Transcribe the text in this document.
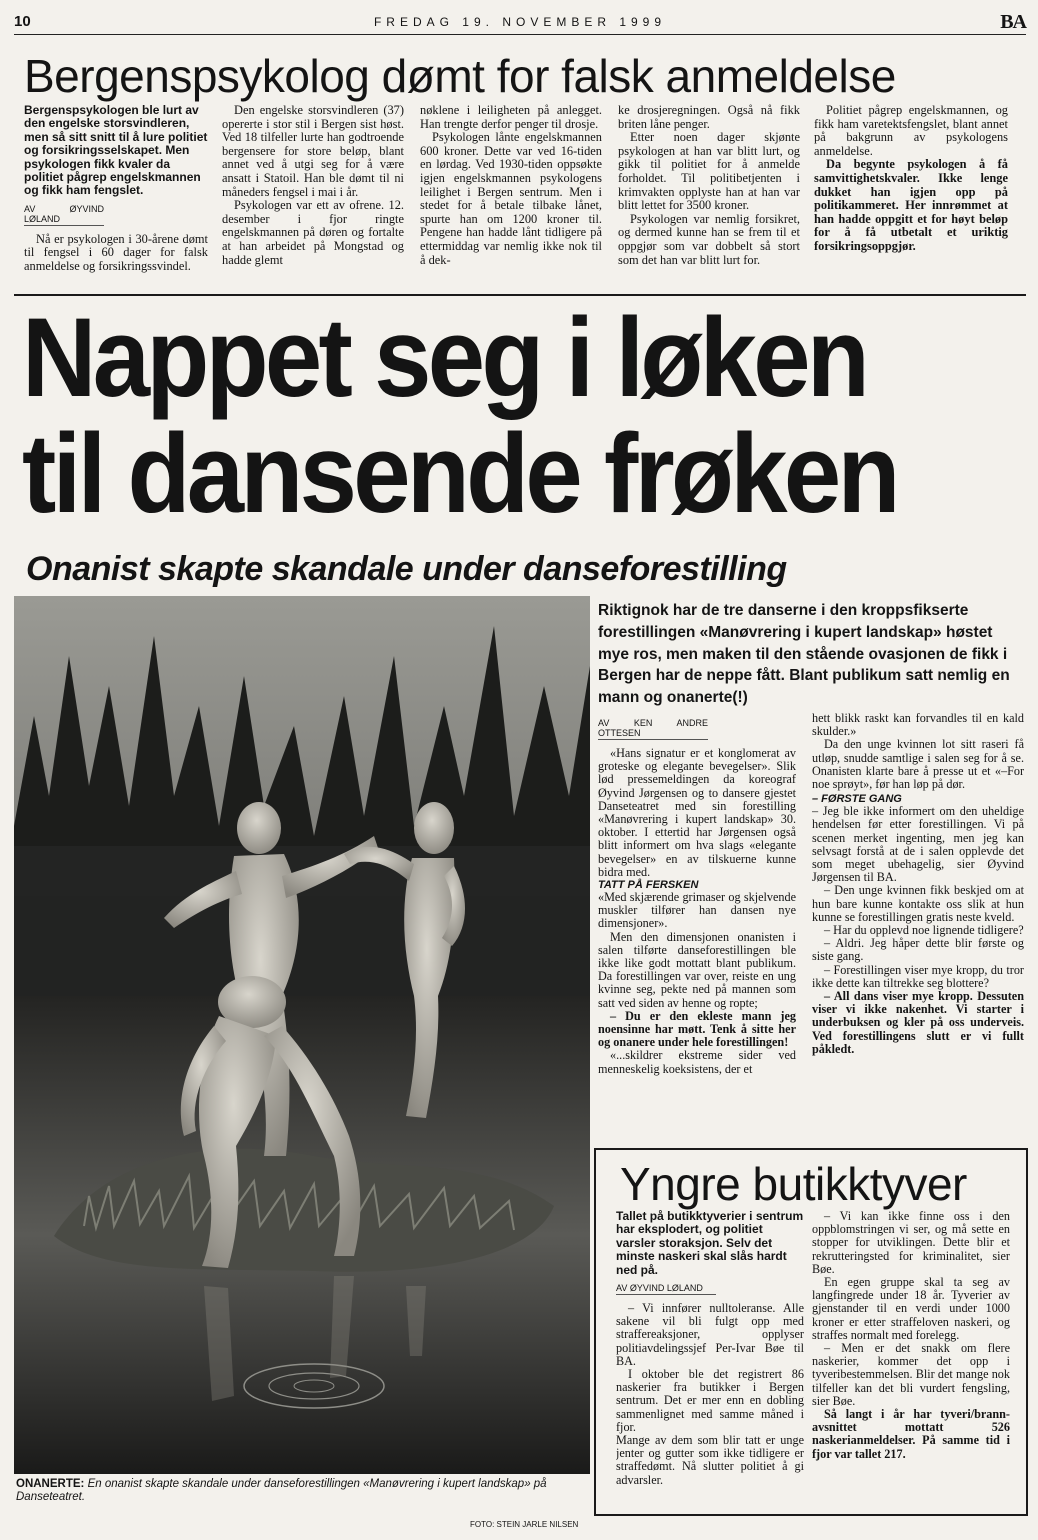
10	FREDAG 19. NOVEMBER 1999	BA
Bergenspsykolog dømt for falsk anmeldelse

Bergenspsykologen ble lurt av den engelske storsvindleren, men så sitt snitt til å lure politiet og forsikringsselskapet. Men psykologen fikk kvaler da politiet pågrep engelskmannen og fikk ham fengslet.

AV ØYVIND LØLAND

Nå er psykologen i 30-årene dømt til fengsel i 60 dager for falsk anmeldelse og forsikringssvindel.

Den engelske storsvindleren (37) opererte i stor stil i Bergen sist høst. Ved 18 tilfeller lurte han godtroende bergensere for store beløp, blant annet ved å utgi seg for å være ansatt i Statoil. Han ble dømt til ni måneders fengsel i mai i år.

Psykologen var ett av ofrene. 12. desember i fjor ringte engelskmannen på døren og fortalte at han arbeidet på Mongstad og hadde glemt

nøklene i leiligheten på anlegget. Han trengte derfor penger til drosje.

Psykologen lånte engelskmannen 600 kroner. Dette var ved 16-tiden en lørdag. Ved 1930-tiden oppsøkte igjen engelskmannen psykologens leilighet i Bergen sentrum. Men i stedet for å betale tilbake lånet, spurte han om 1200 kroner til. Pengene han hadde lånt tidligere på ettermiddag var nemlig ikke nok til å dek-

ke drosjeregningen. Også nå fikk briten låne penger.

Etter noen dager skjønte psykologen at han var blitt lurt, og gikk til politiet for å anmelde forholdet. Til politibetjenten i krimvakten opplyste han at han var blitt lettet for 3500 kroner.

Psykologen var nemlig forsikret, og dermed kunne han se frem til et oppgjør som var dobbelt så stort som det han var blitt lurt for.

Politiet pågrep engelskmannen, og fikk ham varetektsfengslet, blant annet på bakgrunn av psykologens anmeldelse.

Da begynte psykologen å få samvittighetskvaler. Ikke lenge dukket han igjen opp på politikammeret. Her innrømmet at han hadde oppgitt et for høyt beløp for å få utbetalt et uriktig forsikringsoppgjør.

Nappet seg i løken
til dansende frøken
Onanist skapte skandale under danseforestilling
ONANERTE: En onanist skapte skandale under danseforestillingen «Manøvrering i kupert landskap» på Danseteatret.
FOTO: STEIN JARLE NILSEN
Riktignok har de tre danserne i den kroppsfikserte forestillingen «Manøvrering i kupert landskap» høstet mye ros, men maken til den stående ovasjonen de fikk i Bergen har de neppe fått. Blant publikum satt nemlig en mann og onanerte(!)
AV KEN ANDRE OTTESEN

«Hans signatur er et konglomerat av groteske og elegante bevegelser». Slik lød pressemeldingen da koreograf Øyvind Jørgensen og to dansere gjestet Danseteatret med sin forestilling «Manøvrering i kupert landskap» 30. oktober. I ettertid har Jørgensen også blitt informert om hva slags «elegante bevegelser» en av tilskuerne kunne bidra med.

TATT PÅ FERSKEN

«Med skjærende grimaser og skjelvende muskler tilfører han dansen nye dimensjoner».

Men den dimensjonen onanisten i salen tilførte danseforestillingen ble ikke like godt mottatt blant publikum. Da forestillingen var over, reiste en ung kvinne seg, pekte ned på mannen som satt ved siden av henne og ropte;

– Du er den ekleste mann jeg noensinne har møtt. Tenk å sitte her og onanere under hele forestillingen!

«...skildrer ekstreme sider ved menneskelig koeksistens, der et

hett blikk raskt kan forvandles til en kald skulder.»

Da den unge kvinnen lot sitt raseri få utløp, snudde samtlige i salen seg for å se. Onanisten klarte bare å presse ut et «–For noe sprøyt», før han løp på dør.

– FØRSTE GANG

– Jeg ble ikke informert om den uheldige hendelsen før etter forestillingen. Vi på scenen merket ingenting, men jeg kan selvsagt forstå at de i salen opplevde det som meget ubehagelig, sier Øyvind Jørgensen til BA.

– Den unge kvinnen fikk beskjed om at hun bare kunne kontakte oss slik at hun kunne se forestillingen gratis neste kveld.

– Har du opplevd noe lignende tidligere?

– Aldri. Jeg håper dette blir første og siste gang.

– Forestillingen viser mye kropp, du tror ikke dette kan tiltrekke seg blottere?

– All dans viser mye kropp. Dessuten viser vi ikke nakenhet. Vi starter i underbuksen og kler på oss underveis. Ved forestillingens slutt er vi fullt påkledt.

Yngre butikktyver

Tallet på butikktyverier i sentrum har eksplodert, og politiet varsler storaksjon. Selv det minste naskeri skal slås hardt ned på.

AV ØYVIND LØLAND

– Vi innfører nulltoleranse. Alle sakene vil bli fulgt opp med straffereaksjoner, opplyser politiavdelingssjef Per-Ivar Bøe til BA.

I oktober ble det registrert 86 naskerier fra butikker i Bergen sentrum. Det er mer enn en dobling sammenlignet med samme måned i fjor.

Mange av dem som blir tatt er unge jenter og gutter som ikke tidligere er straffedømt. Nå slutter politiet å gi advarsler.

– Vi kan ikke finne oss i den oppblomstringen vi ser, og må sette en stopper for utviklingen. Dette blir et rekrutteringsted for kriminalitet, sier Bøe.

En egen gruppe skal ta seg av langfingrede under 18 år. Tyverier av gjenstander til en verdi under 1000 kroner er etter straffeloven naskeri, og straffes normalt med forelegg.

– Men er det snakk om flere naskerier, kommer det opp i tyveribestemmelsen. Blir det mange nok tilfeller kan det bli vurdert fengsling, sier Bøe.

Så langt i år har tyveri/brann-avsnittet mottatt 526 naskerianmeldelser. På samme tid i fjor var tallet 217.
